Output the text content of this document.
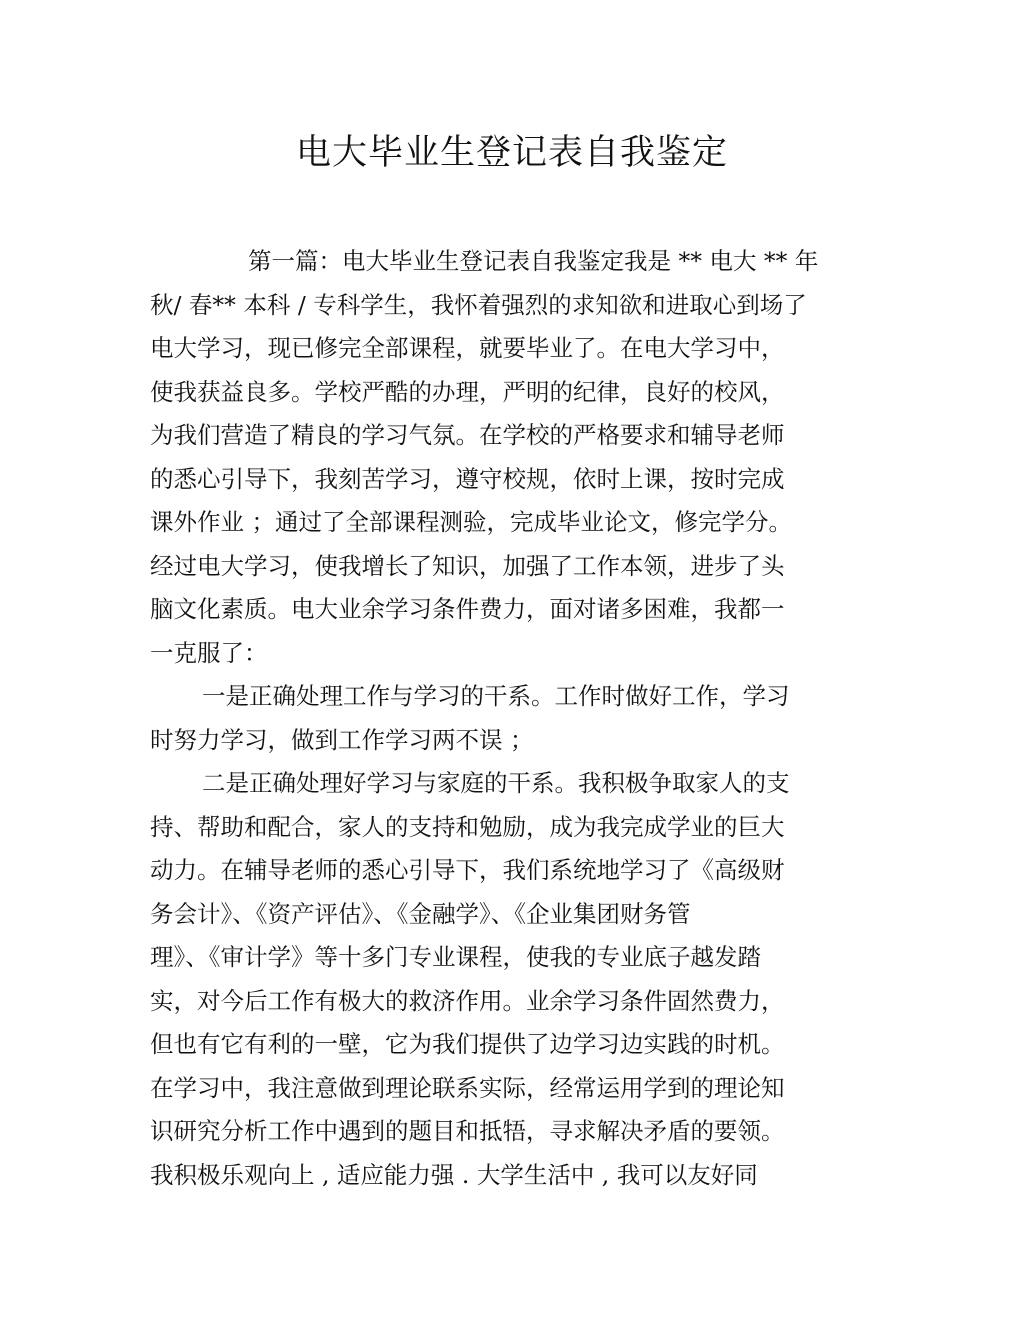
电大毕业生登记表自我鉴定
第一篇：电大毕业生登记表自我鉴定我是 ** 电大 ** 年
秋/ 春** 本科 / 专科学生，我怀着强烈的求知欲和进取心到场了
电大学习，现已修完全部课程，就要毕业了。在电大学习中，
使我获益良多。学校严酷的办理，严明的纪律，良好的校风，
为我们营造了精良的学习气氛。在学校的严格要求和辅导老师
的悉心引导下，我刻苦学习，遵守校规，依时上课，按时完成
课外作业 ；通过了全部课程测验，完成毕业论文，修完学分。
经过电大学习，使我增长了知识，加强了工作本领，进步了头
脑文化素质。电大业余学习条件费力，面对诸多困难，我都一
一克服了：
一是正确处理工作与学习的干系。工作时做好工作，学习
时努力学习，做到工作学习两不误 ；
二是正确处理好学习与家庭的干系。我积极争取家人的支
持、帮助和配合，家人的支持和勉励，成为我完成学业的巨大
动力。在辅导老师的悉心引导下，我们系统地学习了《高级财
务会计》、《资产评估》、《金融学》、《企业集团财务管
理》、《审计学》等十多门专业课程，使我的专业底子越发踏
实，对今后工作有极大的救济作用。业余学习条件固然费力，
但也有它有利的一壁，它为我们提供了边学习边实践的时机。
在学习中，我注意做到理论联系实际，经常运用学到的理论知
识研究分析工作中遇到的题目和抵牾，寻求解决矛盾的要领。
我积极乐观向上 , 适应能力强 . 大学生活中 , 我可以友好同
